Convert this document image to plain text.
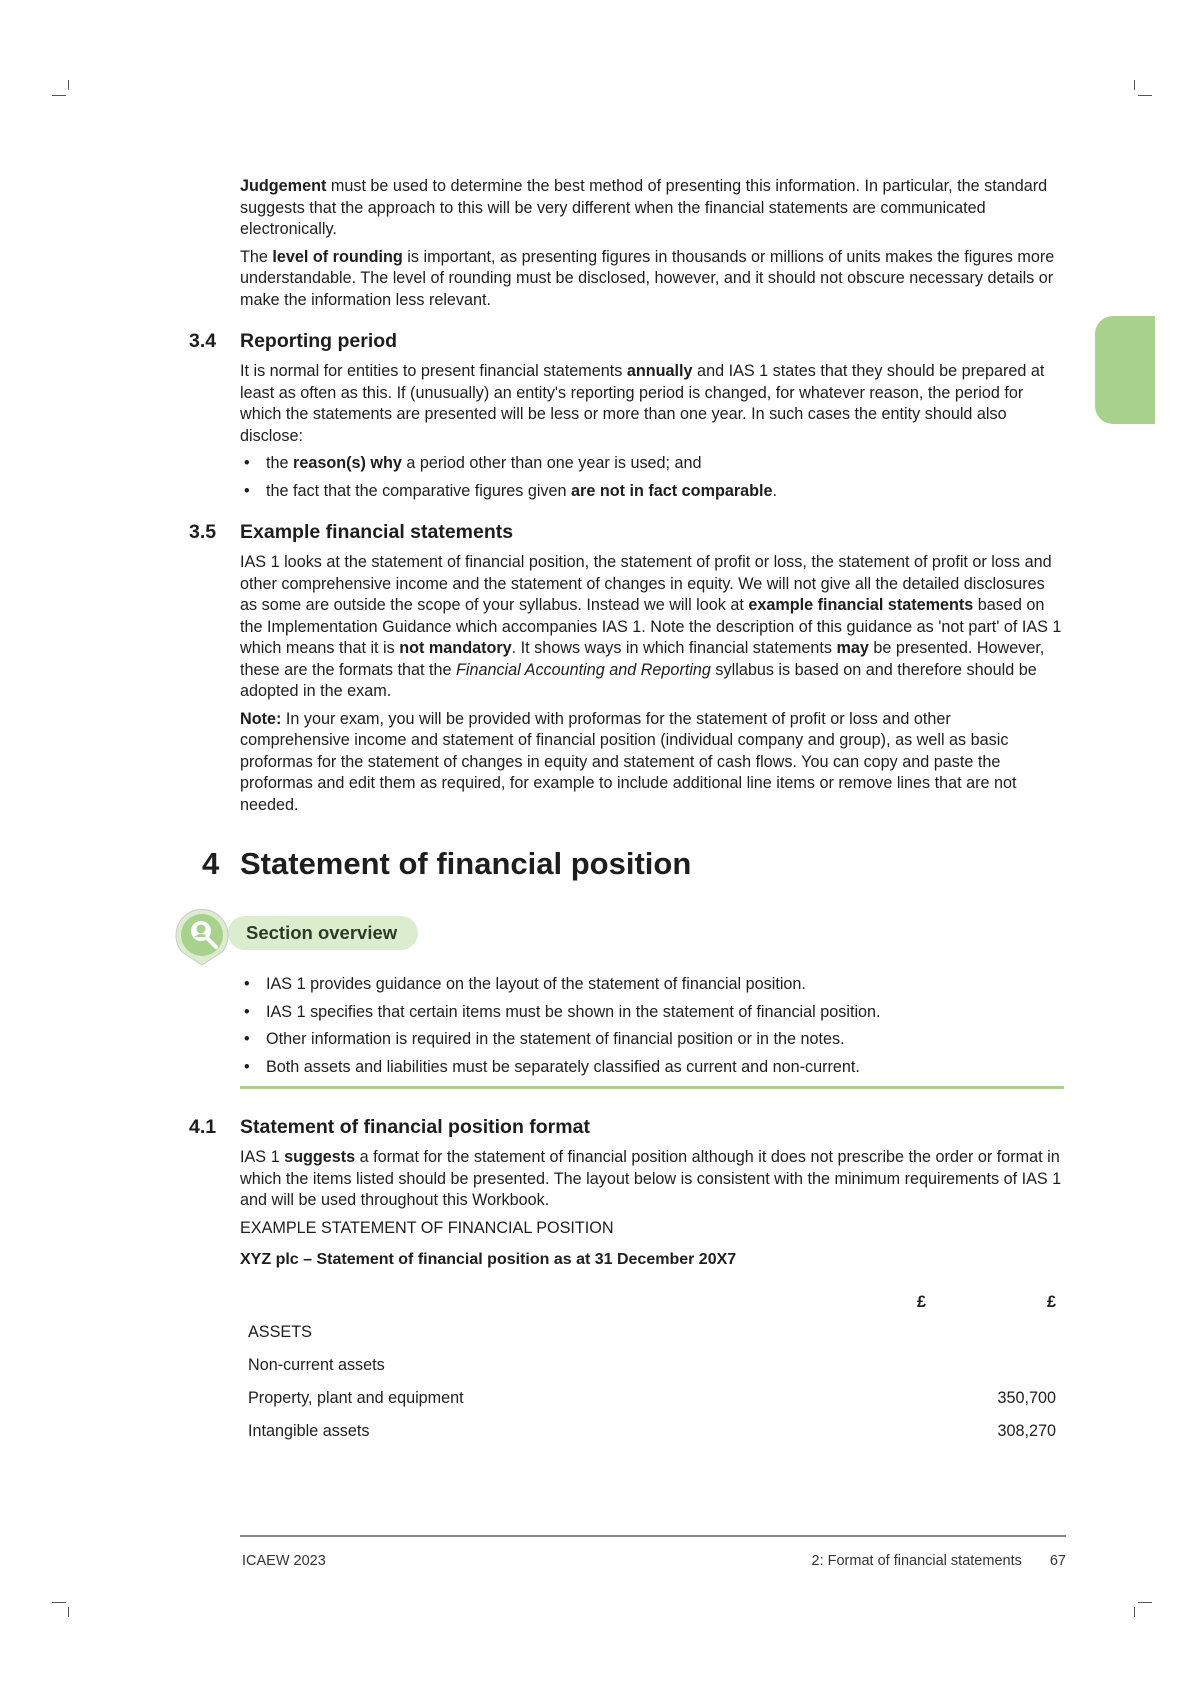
Judgement must be used to determine the best method of presenting this information. In particular, the standard suggests that the approach to this will be very different when the financial statements are communicated electronically.

The level of rounding is important, as presenting figures in thousands or millions of units makes the figures more understandable. The level of rounding must be disclosed, however, and it should not obscure necessary details or make the information less relevant.

3.4 Reporting period

It is normal for entities to present financial statements annually and IAS 1 states that they should be prepared at least as often as this. If (unusually) an entity's reporting period is changed, for whatever reason, the period for which the statements are presented will be less or more than one year. In such cases the entity should also disclose:

• the reason(s) why a period other than one year is used; and
• the fact that the comparative figures given are not in fact comparable.
3.5 Example financial statements

IAS 1 looks at the statement of financial position, the statement of profit or loss, the statement of profit or loss and other comprehensive income and the statement of changes in equity. We will not give all the detailed disclosures as some are outside the scope of your syllabus. Instead we will look at example financial statements based on the Implementation Guidance which accompanies IAS 1. Note the description of this guidance as 'not part' of IAS 1 which means that it is not mandatory. It shows ways in which financial statements may be presented. However, these are the formats that the Financial Accounting and Reporting syllabus is based on and therefore should be adopted in the exam.

Note: In your exam, you will be provided with proformas for the statement of profit or loss and other comprehensive income and statement of financial position (individual company and group), as well as basic proformas for the statement of changes in equity and statement of cash flows. You can copy and paste the proformas and edit them as required, for example to include additional line items or remove lines that are not needed.

4 Statement of financial position
Section overview
• IAS 1 provides guidance on the layout of the statement of financial position.
• IAS 1 specifies that certain items must be shown in the statement of financial position.
• Other information is required in the statement of financial position or in the notes.
• Both assets and liabilities must be separately classified as current and non-current.
4.1 Statement of financial position format

IAS 1 suggests a format for the statement of financial position although it does not prescribe the order or format in which the items listed should be presented. The layout below is consistent with the minimum requirements of IAS 1 and will be used throughout this Workbook.

EXAMPLE STATEMENT OF FINANCIAL POSITION

XYZ plc – Statement of financial position as at 31 December 20X7

	£	£
ASSETS		
Non-current assets		
Property, plant and equipment		350,700
Intangible assets		308,270
ICAEW 2023	2: Format of financial statements 67
